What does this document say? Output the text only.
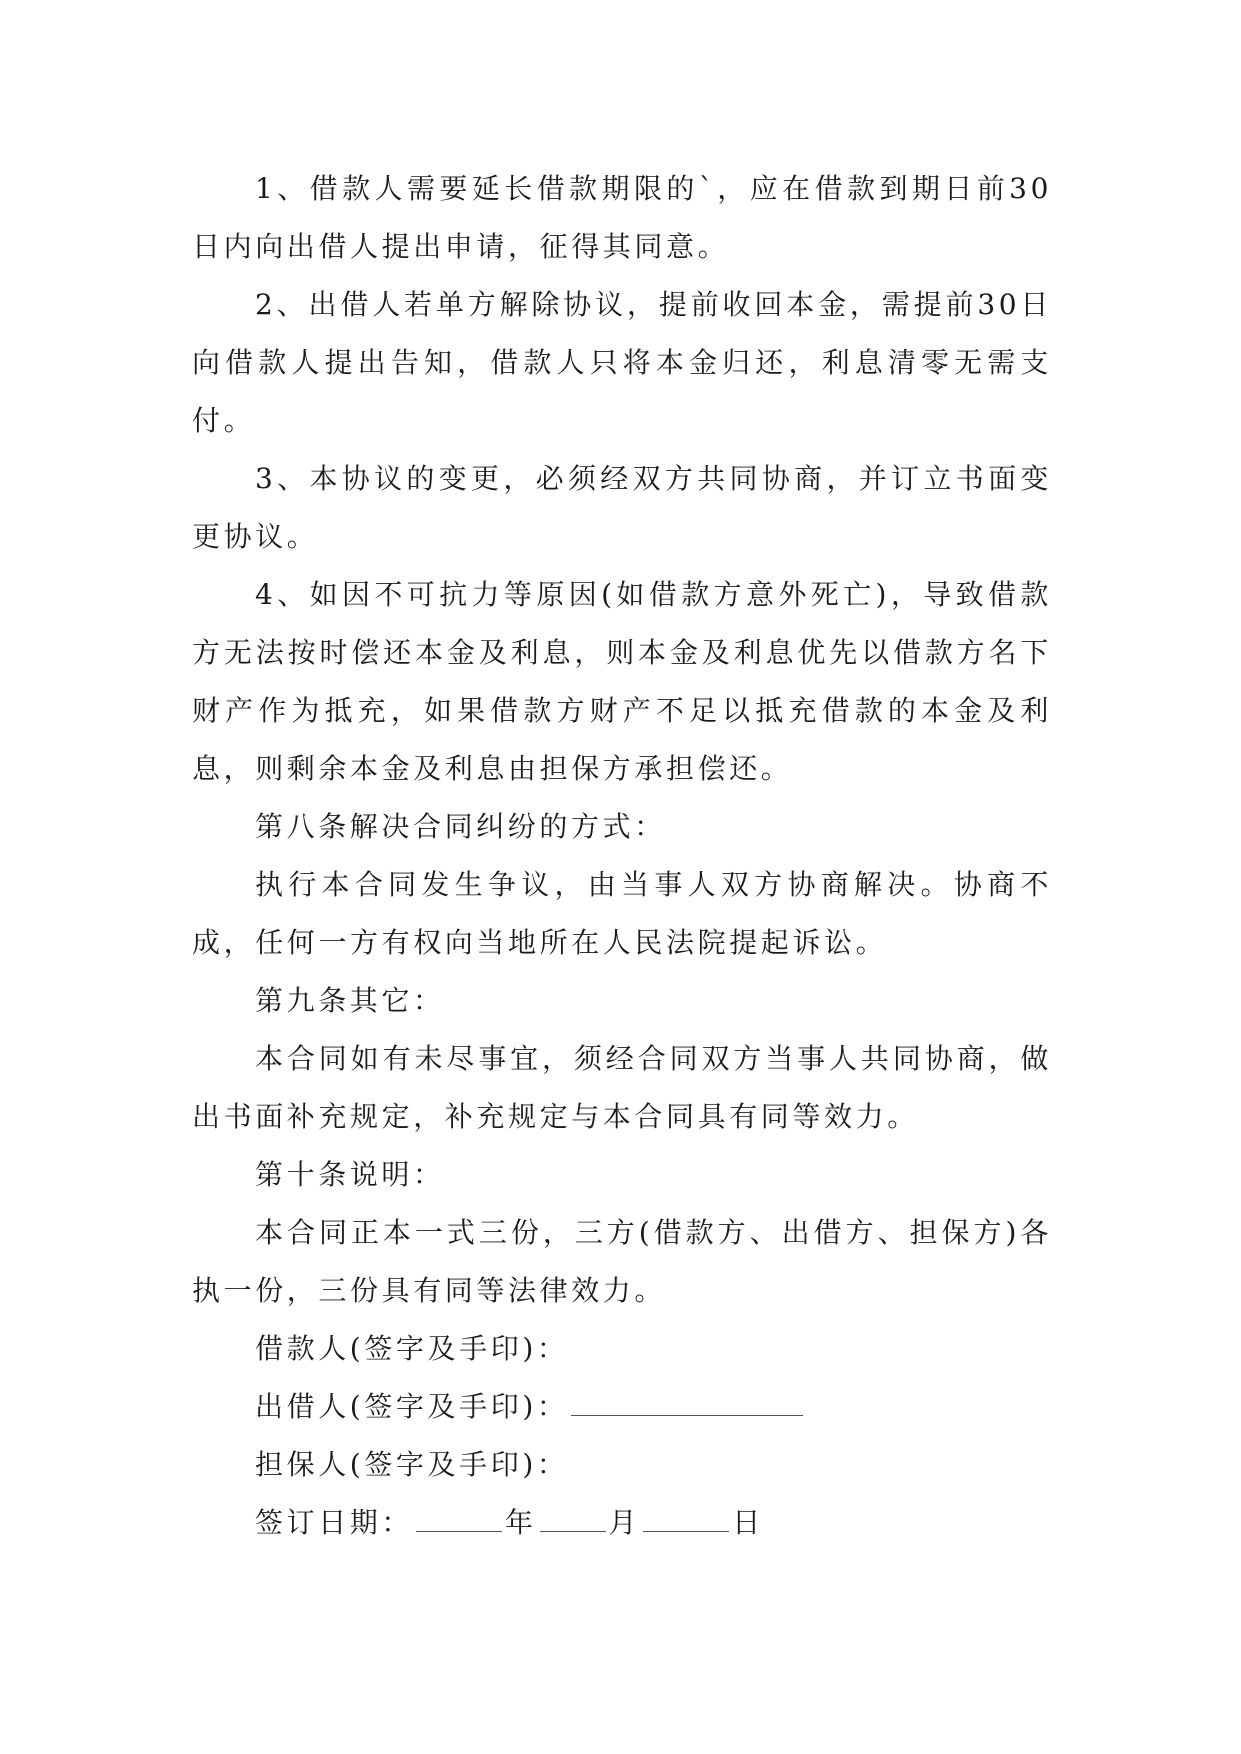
1、借款人需要延长借款期限的`，应在借款到期日前30日内向出借人提出申请，征得其同意。

2、出借人若单方解除协议，提前收回本金，需提前30日向借款人提出告知，借款人只将本金归还，利息清零无需支付。

3、本协议的变更，必须经双方共同协商，并订立书面变更协议。

4、如因不可抗力等原因(如借款方意外死亡)，导致借款方无法按时偿还本金及利息，则本金及利息优先以借款方名下财产作为抵充，如果借款方财产不足以抵充借款的本金及利息，则剩余本金及利息由担保方承担偿还。

第八条解决合同纠纷的方式：

执行本合同发生争议，由当事人双方协商解决。协商不成，任何一方有权向当地所在人民法院提起诉讼。

第九条其它：

本合同如有未尽事宜，须经合同双方当事人共同协商，做出书面补充规定，补充规定与本合同具有同等效力。

第十条说明：

本合同正本一式三份，三方(借款方、出借方、担保方)各执一份，三份具有同等法律效力。

借款人(签字及手印)：

出借人(签字及手印)：

担保人(签字及手印)：

签订日期：	年	月	日
